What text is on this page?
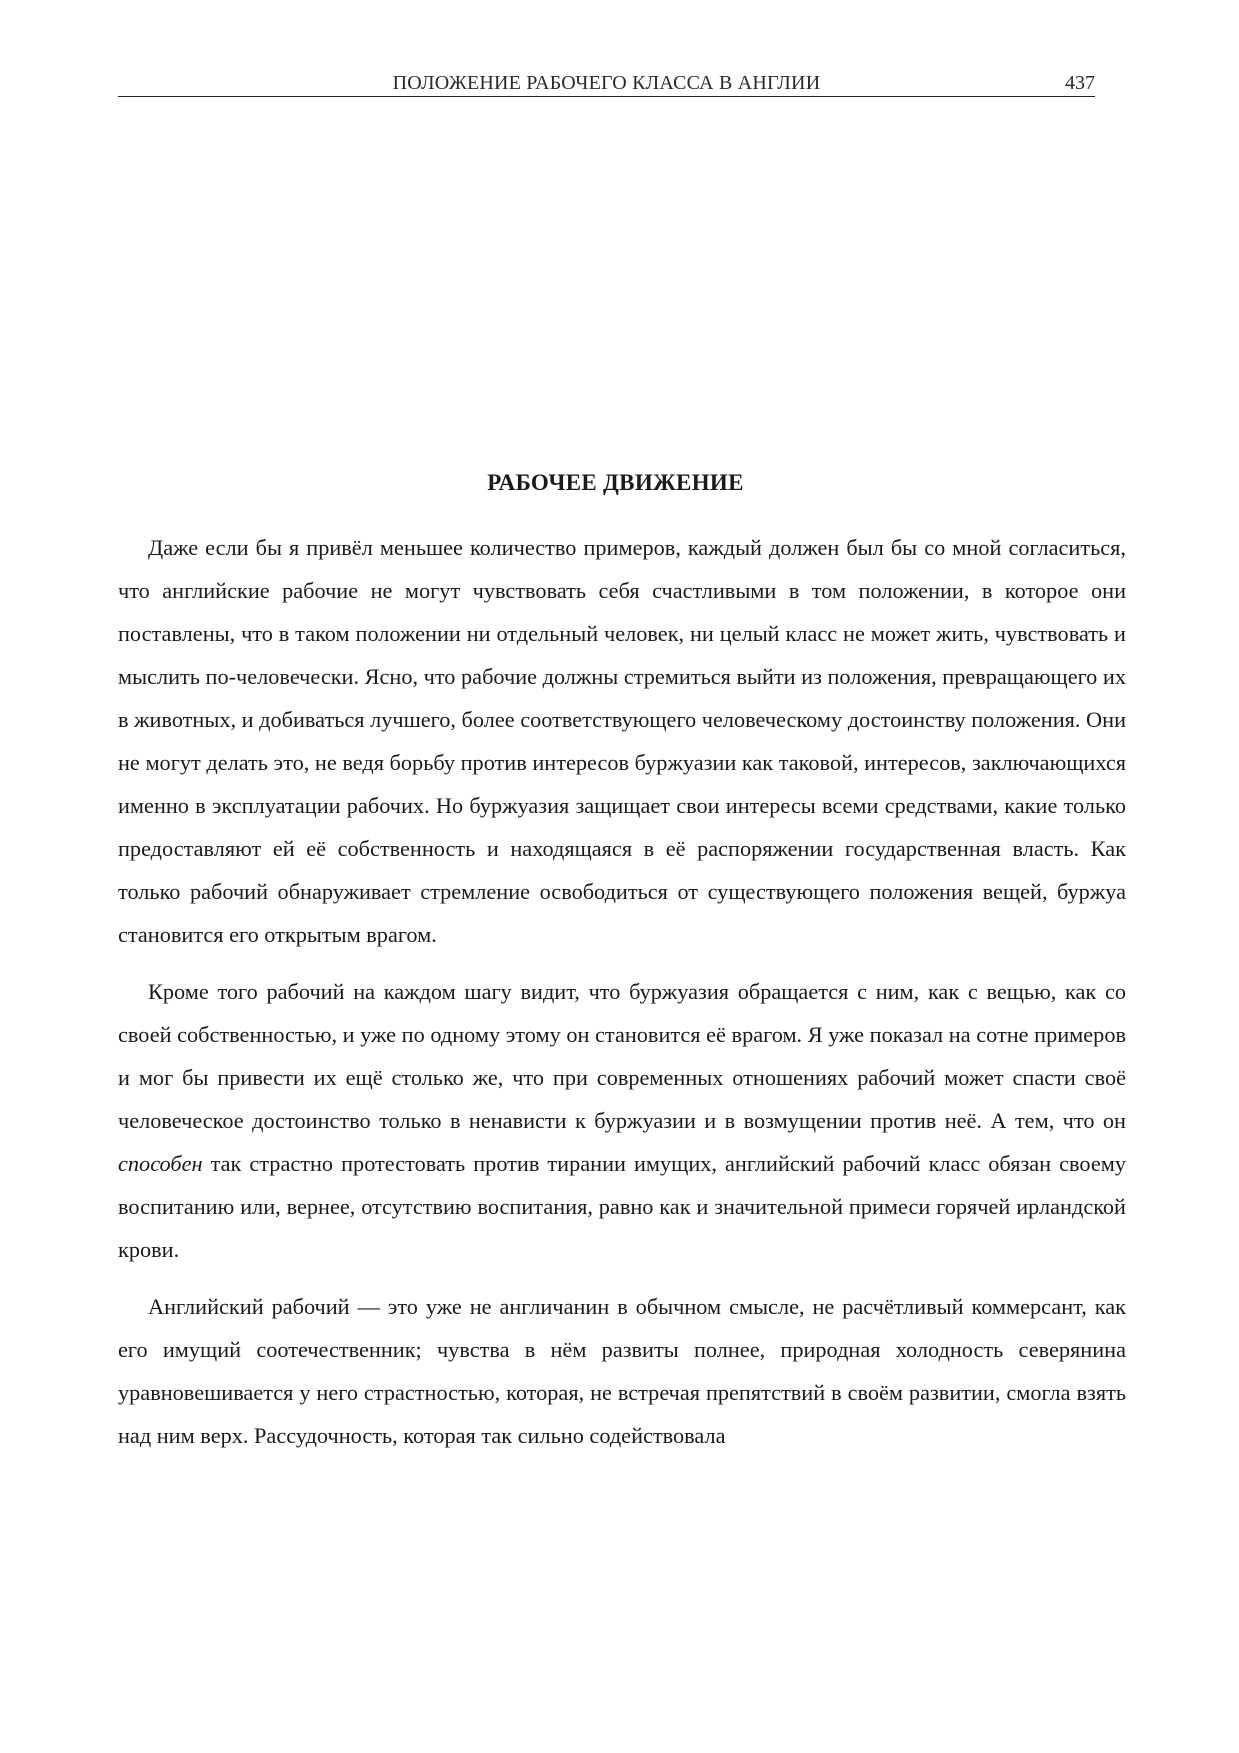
ПОЛОЖЕНИЕ РАБОЧЕГО КЛАССА В АНГЛИИ	437
РАБОЧЕЕ ДВИЖЕНИЕ

Даже если бы я привёл меньшее количество примеров, каждый должен был бы со мной согласиться, что английские рабочие не могут чувствовать себя счастливыми в том положении, в которое они поставлены, что в таком положении ни отдельный человек, ни целый класс не может жить, чувствовать и мыслить по-человечески. Ясно, что рабочие должны стремиться выйти из положения, превращающего их в животных, и добиваться лучшего, более соответствующего человеческому достоинству положения. Они не могут делать это, не ведя борьбу против интересов буржуазии как таковой, интересов, заключающихся именно в эксплуатации рабочих. Но буржуазия защищает свои интересы всеми средствами, какие только предоставляют ей её собственность и находящаяся в её распоряжении государственная власть. Как только рабочий обнаруживает стремление освободиться от существующего положения вещей, буржуа становится его открытым врагом.

Кроме того рабочий на каждом шагу видит, что буржуазия обращается с ним, как с вещью, как со своей собственностью, и уже по одному этому он становится её врагом. Я уже показал на сотне примеров и мог бы привести их ещё столько же, что при современных отношениях рабочий может спасти своё человеческое достоинство только в ненависти к буржуазии и в возмущении против неё. А тем, что он способен так страстно протестовать против тирании имущих, английский рабочий класс обязан своему воспитанию или, вернее, отсутствию воспитания, равно как и значительной примеси горячей ирландской крови.

Английский рабочий — это уже не англичанин в обычном смысле, не расчётливый коммерсант, как его имущий соотечественник; чувства в нём развиты полнее, природная холодность северянина уравновешивается у него страстностью, которая, не встречая препятствий в своём развитии, смогла взять над ним верх. Рассудочность, которая так сильно содействовала
